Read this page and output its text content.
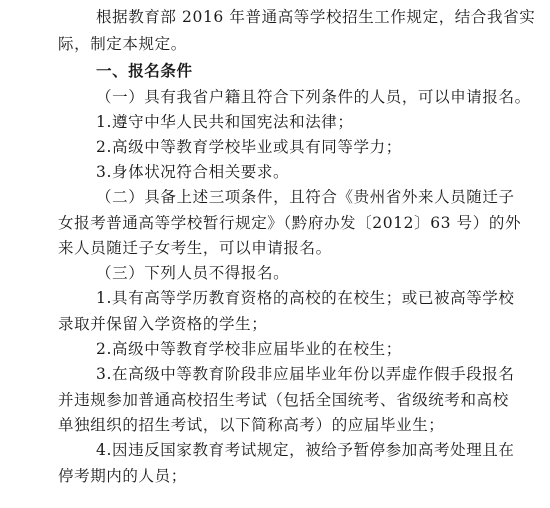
根据教育部 2016 年普通高等学校招生工作规定，结合我省实
际，制定本规定。
一、报名条件
（一）具有我省户籍且符合下列条件的人员，可以申请报名。
1.遵守中华人民共和国宪法和法律；
2.高级中等教育学校毕业或具有同等学力；
3.身体状况符合相关要求。
（二）具备上述三项条件，且符合《贵州省外来人员随迁子
女报考普通高等学校暂行规定》（黔府办发〔2012〕63 号）的外
来人员随迁子女考生，可以申请报名。
（三）下列人员不得报名。
1.具有高等学历教育资格的高校的在校生；或已被高等学校
录取并保留入学资格的学生；
2.高级中等教育学校非应届毕业的在校生；
3.在高级中等教育阶段非应届毕业年份以弄虚作假手段报名
并违规参加普通高校招生考试（包括全国统考、省级统考和高校
单独组织的招生考试，以下简称高考）的应届毕业生；
4.因违反国家教育考试规定，被给予暂停参加高考处理且在
停考期内的人员；
